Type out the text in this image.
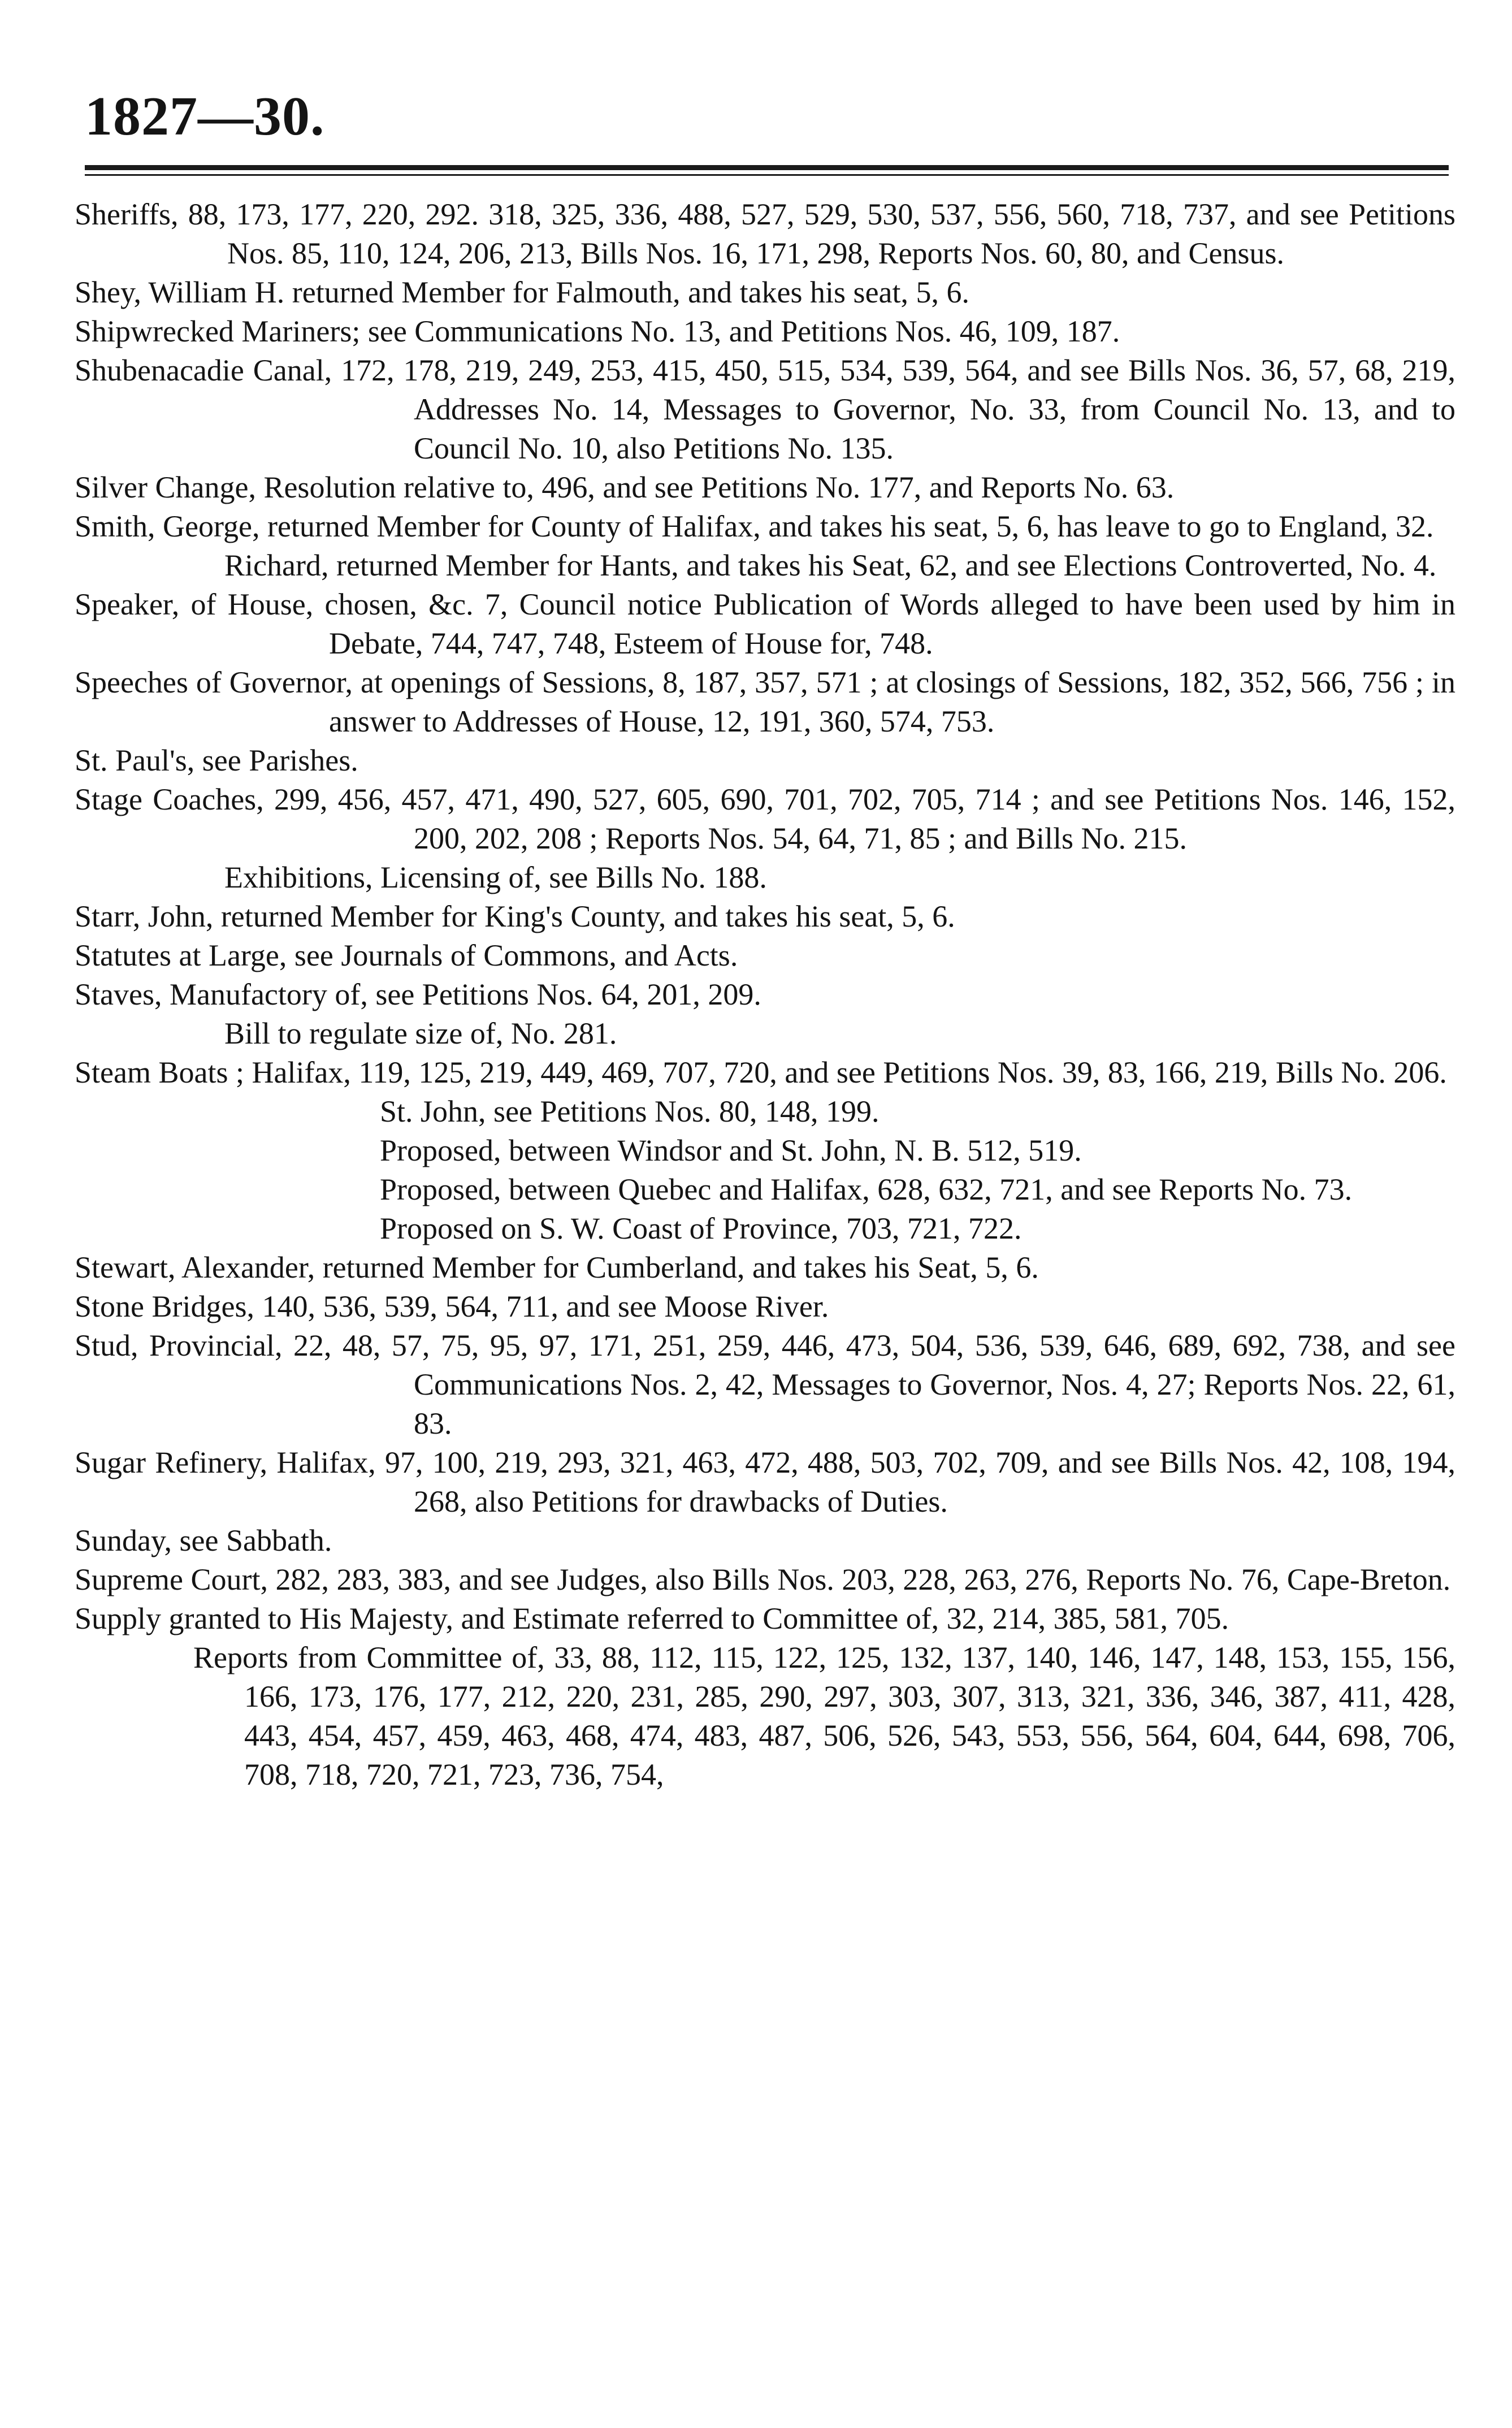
1827—30.

Sheriffs, 88, 173, 177, 220, 292. 318, 325, 336, 488, 527, 529, 530, 537, 556, 560, 718, 737, and see Petitions Nos. 85, 110, 124, 206, 213, Bills Nos. 16, 171, 298, Reports Nos. 60, 80, and Census.

Shey, William H. returned Member for Falmouth, and takes his seat, 5, 6.

Shipwrecked Mariners; see Communications No. 13, and Petitions Nos. 46, 109, 187.

Shubenacadie Canal, 172, 178, 219, 249, 253, 415, 450, 515, 534, 539, 564, and see Bills Nos. 36, 57, 68, 219, Addresses No. 14, Messages to Governor, No. 33, from Council No. 13, and to Council No. 10, also Petitions No. 135.

Silver Change, Resolution relative to, 496, and see Petitions No. 177, and Reports No. 63.

Smith, George, returned Member for County of Halifax, and takes his seat, 5, 6, has leave to go to England, 32.

Richard, returned Member for Hants, and takes his Seat, 62, and see Elections Controverted, No. 4.

Speaker, of House, chosen, &c. 7, Council notice Publication of Words alleged to have been used by him in Debate, 744, 747, 748, Esteem of House for, 748.

Speeches of Governor, at openings of Sessions, 8, 187, 357, 571 ; at closings of Sessions, 182, 352, 566, 756 ; in answer to Addresses of House, 12, 191, 360, 574, 753.

St. Paul's, see Parishes.

Stage Coaches, 299, 456, 457, 471, 490, 527, 605, 690, 701, 702, 705, 714 ; and see Petitions Nos. 146, 152, 200, 202, 208 ; Reports Nos. 54, 64, 71, 85 ; and Bills No. 215.

Exhibitions, Licensing of, see Bills No. 188.

Starr, John, returned Member for King's County, and takes his seat, 5, 6.

Statutes at Large, see Journals of Commons, and Acts.

Staves, Manufactory of, see Petitions Nos. 64, 201, 209.

Bill to regulate size of, No. 281.

Steam Boats ; Halifax, 119, 125, 219, 449, 469, 707, 720, and see Petitions Nos. 39, 83, 166, 219, Bills No. 206.

St. John, see Petitions Nos. 80, 148, 199.

Proposed, between Windsor and St. John, N. B. 512, 519.

Proposed, between Quebec and Halifax, 628, 632, 721, and see Reports No. 73.

Proposed on S. W. Coast of Province, 703, 721, 722.

Stewart, Alexander, returned Member for Cumberland, and takes his Seat, 5, 6.

Stone Bridges, 140, 536, 539, 564, 711, and see Moose River.

Stud, Provincial, 22, 48, 57, 75, 95, 97, 171, 251, 259, 446, 473, 504, 536, 539, 646, 689, 692, 738, and see Communications Nos. 2, 42, Messages to Governor, Nos. 4, 27; Reports Nos. 22, 61, 83.

Sugar Refinery, Halifax, 97, 100, 219, 293, 321, 463, 472, 488, 503, 702, 709, and see Bills Nos. 42, 108, 194, 268, also Petitions for drawbacks of Duties.

Sunday, see Sabbath.

Supreme Court, 282, 283, 383, and see Judges, also Bills Nos. 203, 228, 263, 276, Reports No. 76, Cape-Breton.

Supply granted to His Majesty, and Estimate referred to Committee of, 32, 214, 385, 581, 705.

Reports from Committee of, 33, 88, 112, 115, 122, 125, 132, 137, 140, 146, 147, 148, 153, 155, 156, 166, 173, 176, 177, 212, 220, 231, 285, 290, 297, 303, 307, 313, 321, 336, 346, 387, 411, 428, 443, 454, 457, 459, 463, 468, 474, 483, 487, 506, 526, 543, 553, 556, 564, 604, 644, 698, 706, 708, 718, 720, 721, 723, 736, 754,
